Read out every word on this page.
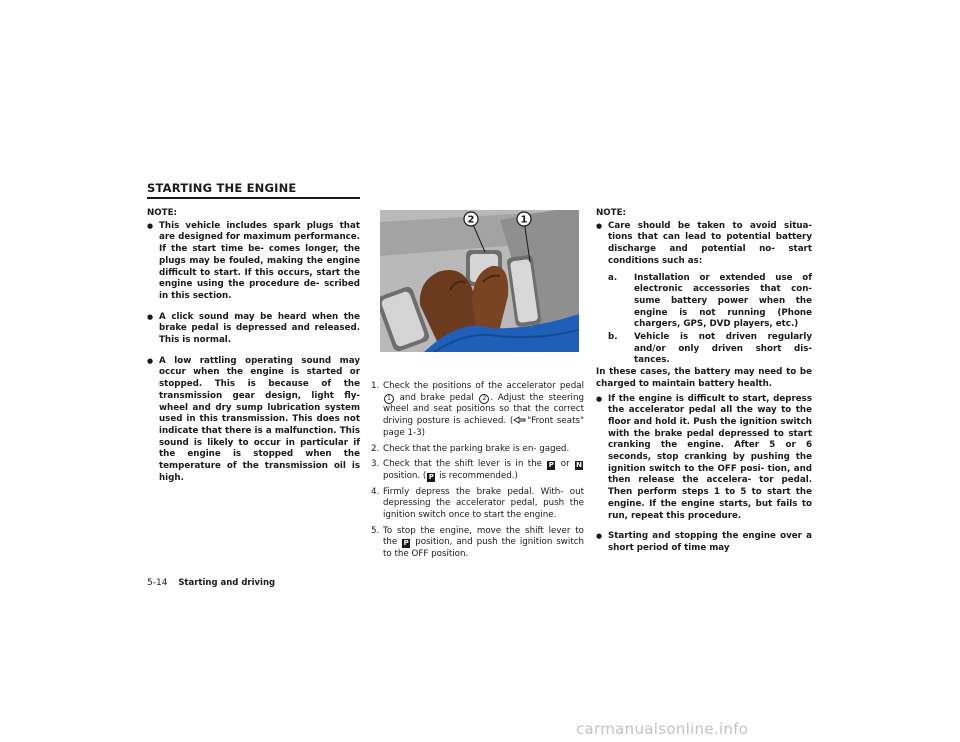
STARTING THE ENGINE

NOTE:

● This vehicle includes spark plugs that are designed for maximum performance. If the start time be- comes longer, the plugs may be fouled, making the engine difficult to start. If this occurs, start the engine using the procedure de- scribed in this section.
● A click sound may be heard when the brake pedal is depressed and released. This is normal.
● A low rattling operating sound may occur when the engine is started or stopped. This is because of the transmission gear design, light fly- wheel and dry sump lubrication system used in this transmission. This does not indicate that there is a malfunction. This sound is likely to occur in particular if the engine is stopped when the temperature of the transmission oil is high.
2	1
1. Check the positions of the accelerator pedal 1 and brake pedal 2 . Adjust the steering wheel and seat positions so that the correct driving posture is achieved. ( "Front seats" page 1-3)
2. Check that the parking brake is en- gaged.
3. Check that the shift lever is in the P or N position. ( P is recommended.)
4. Firmly depress the brake pedal. With- out depressing the accelerator pedal, push the ignition switch once to start the engine.
5. To stop the engine, move the shift lever to the P position, and push the ignition switch to the OFF position.

NOTE:

● Care should be taken to avoid situa- tions that can lead to potential battery discharge and potential no- start conditions such as:
a. Installation or extended use of electronic accessories that con- sume battery power when the engine is not running (Phone chargers, GPS, DVD players, etc.)
b. Vehicle is not driven regularly and/or only driven short dis- tances.

In these cases, the battery may need to be charged to maintain battery health.

● If the engine is difficult to start, depress the accelerator pedal all the way to the floor and hold it. Push the ignition switch with the brake pedal depressed to start cranking the engine. After 5 or 6 seconds, stop cranking by pushing the ignition switch to the OFF posi- tion, and then release the accelera- tor pedal. Then perform steps 1 to 5 to start the engine. If the engine starts, but fails to run, repeat this procedure.
● Starting and stopping the engine over a short period of time may
5-14 Starting and driving
carmanualsonline.info
